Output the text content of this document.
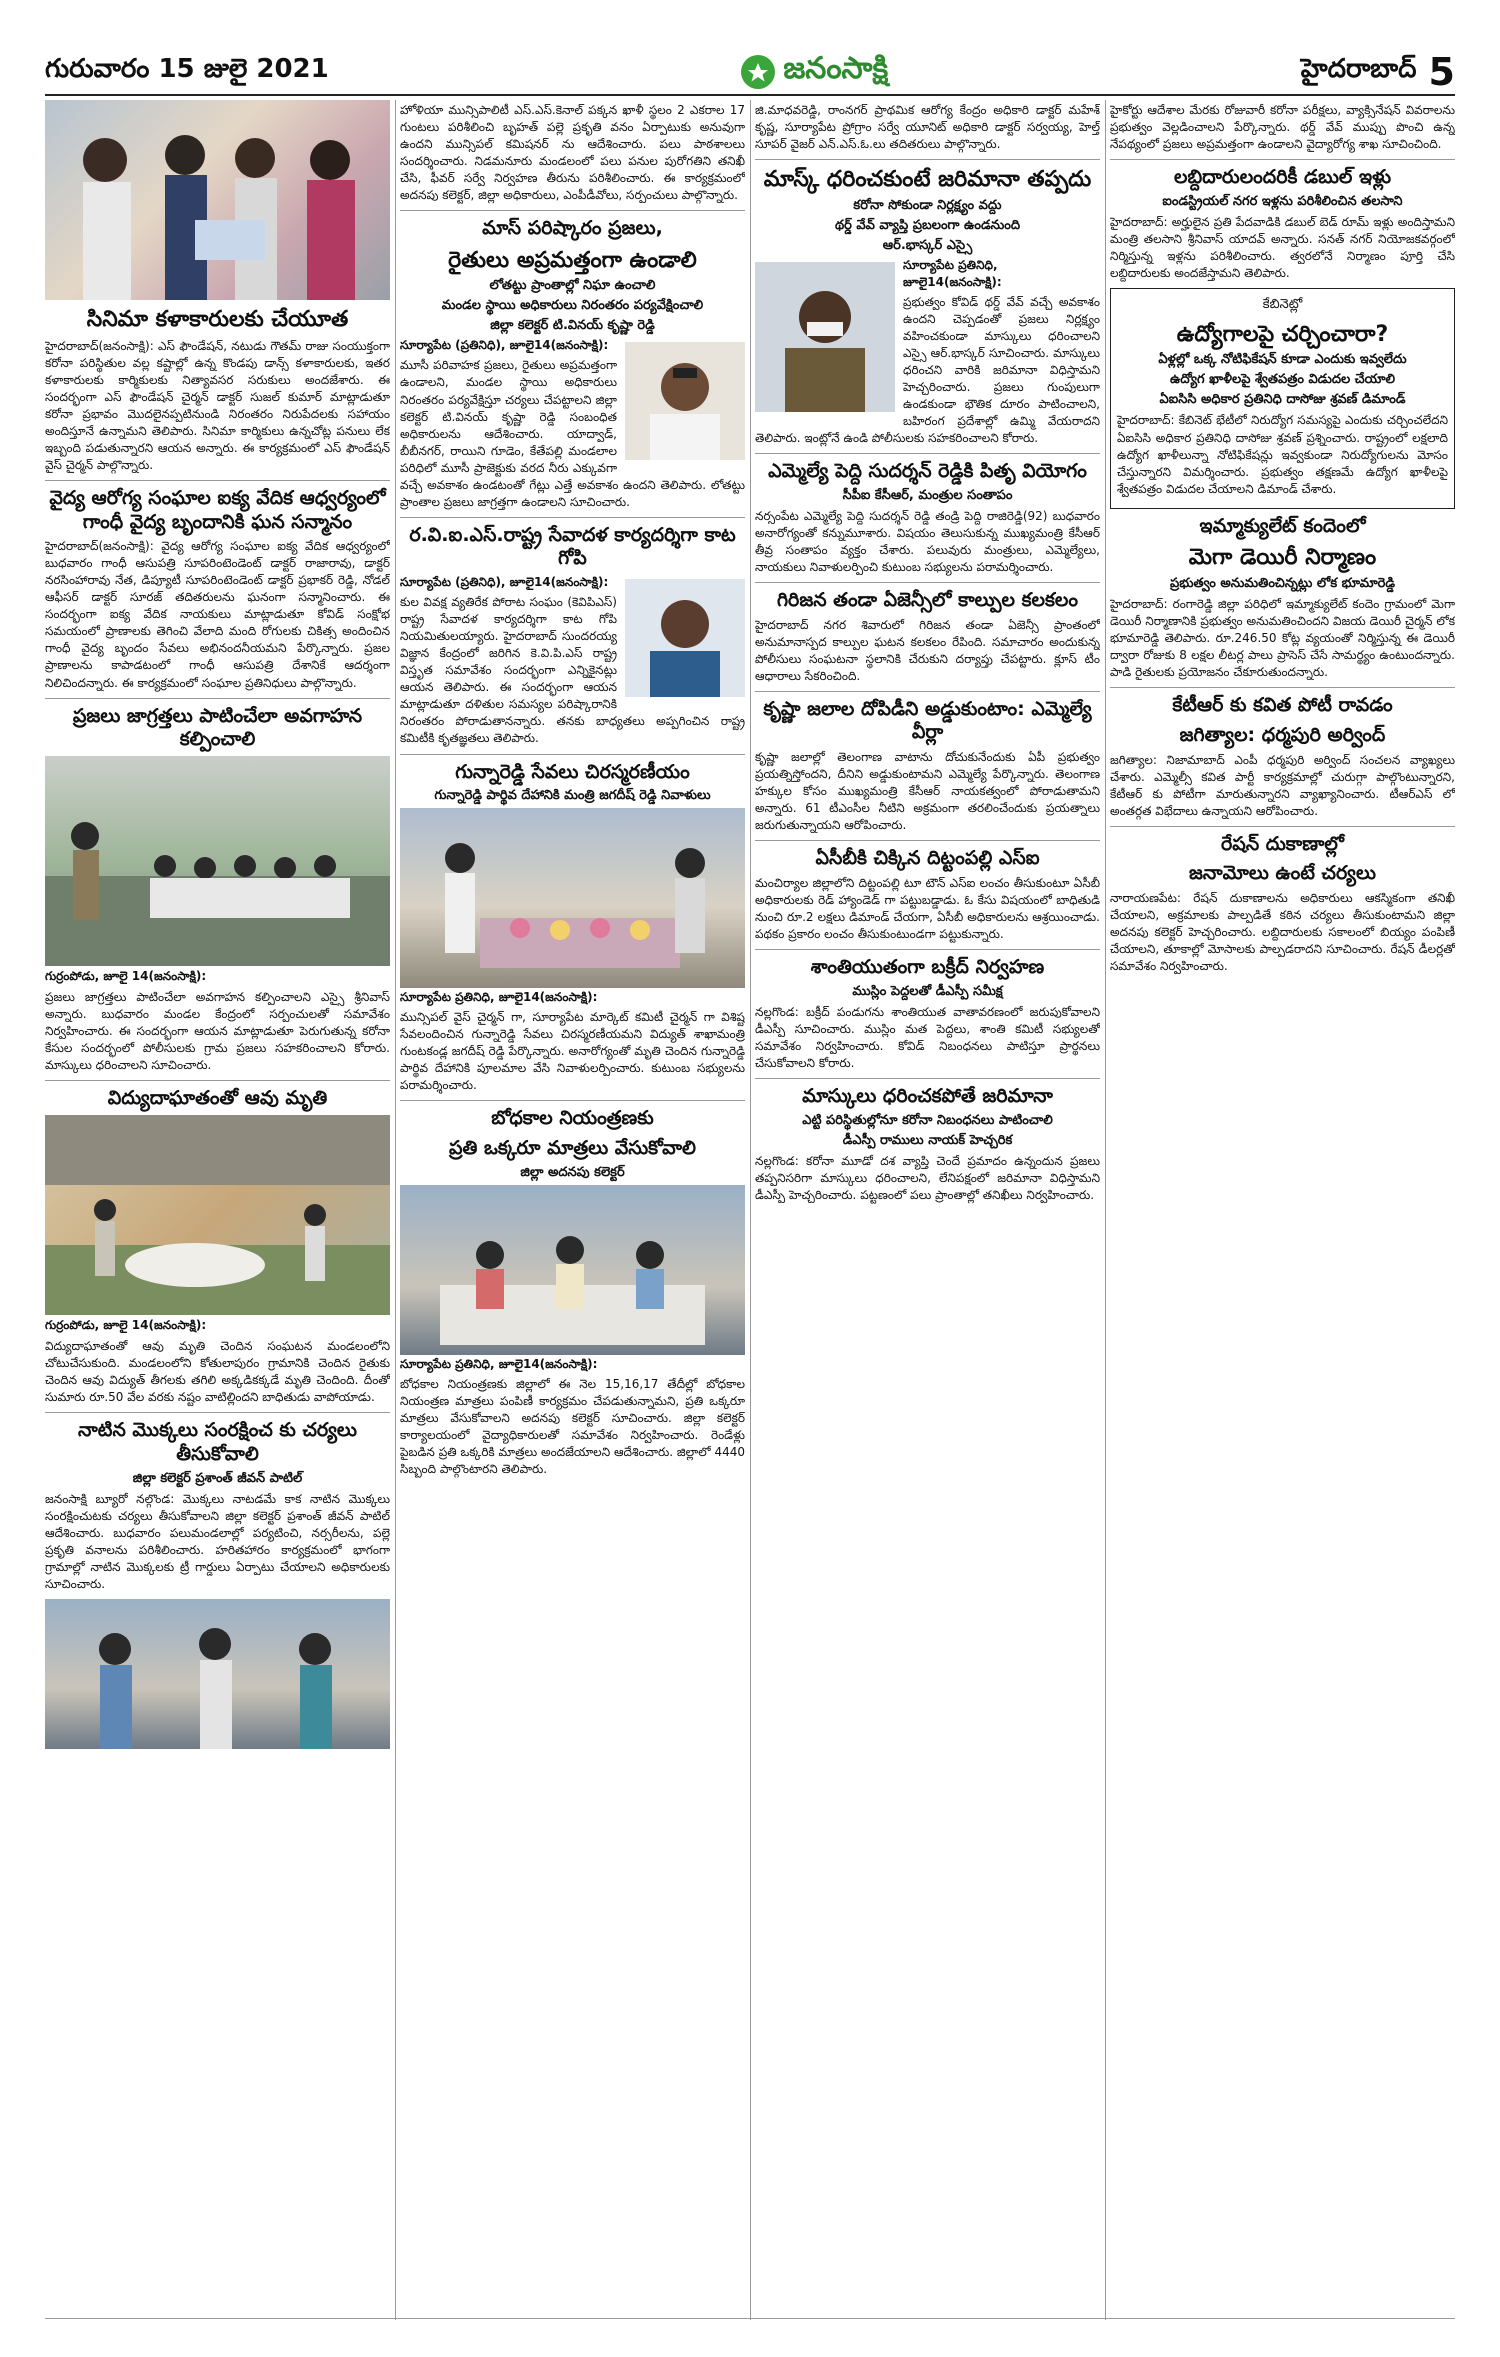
గురువారం 15 జులై 2021	జనంసాక్షి	హైదరాబాద్ 5
సినిమా కళాకారులకు చేయూత
హైదరాబాద్(జనంసాక్షి): ఎస్ ఫౌండేషన్, నటుడు గౌతమ్ రాజు సంయుక్తంగా కరోనా పరిస్థితుల వల్ల కష్టాల్లో ఉన్న కొండపు డాన్స్ కళాకారులకు, ఇతర కళాకారులకు కార్మికులకు నిత్యావసర సరుకులు అందజేశారు. ఈ సందర్భంగా ఎస్ ఫౌండేషన్ చైర్మన్ డాక్టర్ సుజల్ కుమార్ మాట్లాడుతూ కరోనా ప్రభావం మొదలైనప్పటినుండి నిరంతరం నిరుపేదలకు సహాయం అందిస్తూనే ఉన్నామని తెలిపారు. సినిమా కార్మికులు ఉన్నచోట్ల పనులు లేక ఇబ్బంది పడుతున్నారని ఆయన అన్నారు. ఈ కార్యక్రమంలో ఎస్ ఫౌండేషన్ వైస్ చైర్మన్ పాల్గొన్నారు.
వైద్య ఆరోగ్య సంఘాల ఐక్య వేదిక ఆధ్వర్యంలో గాంధీ వైద్య బృందానికి ఘన సన్మానం
హైదరాబాద్(జనంసాక్షి): వైద్య ఆరోగ్య సంఘాల ఐక్య వేదిక ఆధ్వర్యంలో బుధవారం గాంధీ ఆసుపత్రి సూపరింటెండెంట్ డాక్టర్ రాజారావు, డాక్టర్ నరసింహారావు నేత, డిప్యూటీ సూపరింటెండెంట్ డాక్టర్ ప్రభాకర్ రెడ్డి, నోడల్ ఆఫీసర్ డాక్టర్ సూరజ్ తదితరులను ఘనంగా సన్మానించారు. ఈ సందర్భంగా ఐక్య వేదిక నాయకులు మాట్లాడుతూ కోవిడ్ సంక్షోభ సమయంలో ప్రాణాలకు తెగించి వేలాది మంది రోగులకు చికిత్స అందించిన గాంధీ వైద్య బృందం సేవలు అభినందనీయమని పేర్కొన్నారు. ప్రజల ప్రాణాలను కాపాడటంలో గాంధీ ఆసుపత్రి దేశానికే ఆదర్శంగా నిలిచిందన్నారు. ఈ కార్యక్రమంలో సంఘాల ప్రతినిధులు పాల్గొన్నారు.
ప్రజలు జాగ్రత్తలు పాటించేలా అవగాహన కల్పించాలి
గుర్రంపోడు, జూలై 14(జనంసాక్షి):
ప్రజలు జాగ్రత్తలు పాటించేలా అవగాహన కల్పించాలని ఎస్సై శ్రీనివాస్ అన్నారు. బుధవారం మండల కేంద్రంలో సర్పంచులతో సమావేశం నిర్వహించారు. ఈ సందర్భంగా ఆయన మాట్లాడుతూ పెరుగుతున్న కరోనా కేసుల సందర్భంలో పోలీసులకు గ్రామ ప్రజలు సహకరించాలని కోరారు. మాస్కులు ధరించాలని సూచించారు.
విద్యుదాఘాతంతో ఆవు మృతి
గుర్రంపోడు, జూలై 14(జనంసాక్షి):
విద్యుదాఘాతంతో ఆవు మృతి చెందిన సంఘటన మండలంలోని చోటుచేసుకుంది. మండలంలోని కోతులాపురం గ్రామానికి చెందిన రైతుకు చెందిన ఆవు విద్యుత్ తీగలకు తగిలి అక్కడికక్కడే మృతి చెందింది. దీంతో సుమారు రూ.50 వేల వరకు నష్టం వాటిల్లిందని బాధితుడు వాపోయాడు.
నాటిన మొక్కలు సంరక్షించ కు చర్యలు తీసుకోవాలి
జిల్లా కలెక్టర్ ప్రశాంత్ జీవన్ పాటిల్
జనంసాక్షి బ్యూరో నల్గొండ: మొక్కలు నాటడమే కాక నాటిన మొక్కలు సంరక్షించుటకు చర్యలు తీసుకోవాలని జిల్లా కలెక్టర్ ప్రశాంత్ జీవన్ పాటిల్ ఆదేశించారు. బుధవారం పలుమండలాల్లో పర్యటించి, నర్సరీలను, పల్లె ప్రకృతి వనాలను పరిశీలించారు. హరితహారం కార్యక్రమంలో భాగంగా గ్రామాల్లో నాటిన మొక్కలకు ట్రీ గార్డులు ఏర్పాటు చేయాలని అధికారులకు సూచించారు.
హోళియా మున్సిపాలిటీ ఎస్.ఎస్.కెనాల్ పక్కన ఖాళీ స్థలం 2 ఎకరాల 17 గుంటలు పరిశీలించి బృహత్ పల్లె ప్రకృతి వనం ఏర్పాటుకు అనువుగా ఉందని మున్సిపల్ కమిషనర్ ను ఆదేశించారు. పలు పాఠశాలలు సందర్శించారు. నిడమనూరు మండలంలో పలు పనుల పురోగతిని తనిఖీ చేసి, ఫీవర్ సర్వే నిర్వహణ తీరును పరిశీలించారు. ఈ కార్యక్రమంలో అదనపు కలెక్టర్, జిల్లా అధికారులు, ఎంపీడీవోలు, సర్పంచులు పాల్గొన్నారు.
మాస్ పరిష్కారం ప్రజలు,
రైతులు అప్రమత్తంగా ఉండాలి
లోతట్టు ప్రాంతాల్లో నిఘా ఉంచాలి
మండల స్థాయి అధికారులు నిరంతరం పర్యవేక్షించాలి
జిల్లా కలెక్టర్ టి.వినయ్ కృష్ణా రెడ్డి
సూర్యాపేట (ప్రతినిధి), జూలై14(జనంసాక్షి):
మూసీ పరివాహక ప్రజలు, రైతులు అప్రమత్తంగా ఉండాలని, మండల స్థాయి అధికారులు నిరంతరం పర్యవేక్షిస్తూ చర్యలు చేపట్టాలని జిల్లా కలెక్టర్ టి.వినయ్ కృష్ణా రెడ్డి సంబంధిత అధికారులను ఆదేశించారు. యాద్వాడ్, బీబీనగర్, రాయిని గూడెం, కేతేపల్లి మండలాల పరిధిలో మూసీ ప్రాజెక్టుకు వరద నీరు ఎక్కువగా వచ్చే అవకాశం ఉండటంతో గేట్లు ఎత్తే అవకాశం ఉందని తెలిపారు. లోతట్టు ప్రాంతాల ప్రజలు జాగ్రత్తగా ఉండాలని సూచించారు.
ర.వి.ఐ.ఎస్.రాష్ట్ర సేవాదళ కార్యదర్శిగా కాట గోపి
సూర్యాపేట (ప్రతినిధి), జూలై14(జనంసాక్షి):
కుల వివక్ష వ్యతిరేక పోరాట సంఘం (కెవిపిఎస్) రాష్ట్ర సేవాదళ కార్యదర్శిగా కాట గోపి నియమితులయ్యారు. హైదరాబాద్ సుందరయ్య విజ్ఞాన కేంద్రంలో జరిగిన కె.వి.పి.ఎస్ రాష్ట్ర విస్తృత సమావేశం సందర్భంగా ఎన్నికైనట్లు ఆయన తెలిపారు. ఈ సందర్భంగా ఆయన మాట్లాడుతూ దళితుల సమస్యల పరిష్కారానికి నిరంతరం పోరాడుతానన్నారు. తనకు బాధ్యతలు అప్పగించిన రాష్ట్ర కమిటీకి కృతజ్ఞతలు తెలిపారు.
గున్నారెడ్డి సేవలు చిరస్మరణీయం
గున్నారెడ్డి పార్థివ దేహానికి మంత్రి జగదీష్ రెడ్డి నివాళులు
సూర్యాపేట ప్రతినిధి, జూలై14(జనంసాక్షి):
మున్సిపల్ వైస్ చైర్మన్ గా, సూర్యాపేట మార్కెట్ కమిటీ చైర్మన్ గా విశిష్ట సేవలందించిన గున్నారెడ్డి సేవలు చిరస్మరణీయమని విద్యుత్ శాఖామంత్రి గుంటకండ్ల జగదీష్ రెడ్డి పేర్కొన్నారు. అనారోగ్యంతో మృతి చెందిన గున్నారెడ్డి పార్థివ దేహానికి పూలమాల వేసి నివాళులర్పించారు. కుటుంబ సభ్యులను పరామర్శించారు.
బోధకాల నియంత్రణకు
ప్రతి ఒక్కరూ మాత్రలు వేసుకోవాలి
జిల్లా అదనపు కలెక్టర్
సూర్యాపేట ప్రతినిధి, జూలై14(జనంసాక్షి):
బోధకాల నియంత్రణకు జిల్లాలో ఈ నెల 15,16,17 తేదీల్లో బోధకాల నియంత్రణ మాత్రలు పంపిణీ కార్యక్రమం చేపడుతున్నామని, ప్రతి ఒక్కరూ మాత్రలు వేసుకోవాలని అదనపు కలెక్టర్ సూచించారు. జిల్లా కలెక్టర్ కార్యాలయంలో వైద్యాధికారులతో సమావేశం నిర్వహించారు. రెండేళ్లు పైబడిన ప్రతి ఒక్కరికి మాత్రలు అందజేయాలని ఆదేశించారు. జిల్లాలో 4440 సిబ్బంది పాల్గొంటారని తెలిపారు.
జి.మాధవరెడ్డి, రాంనగర్ ప్రాథమిక ఆరోగ్య కేంద్రం అధికారి డాక్టర్ మహేశ్ కృష్ణ, సూర్యాపేట ప్రోగ్రాం సర్వే యూనిట్ అధికారి డాక్టర్ సర్వయ్య, హెల్త్ సూపర్ వైజర్ ఎన్.ఎస్.ఓ.లు తదితరులు పాల్గొన్నారు.
మాస్క్ ధరించకుంటే జరిమానా తప్పదు
కరోనా సోకుండా నిర్లక్ష్యం వద్దు
థర్డ్ వేవ్ వ్యాప్తి ప్రబలంగా ఉండనుంది
ఆర్.భాస్కర్ ఎస్సై
సూర్యాపేట ప్రతినిధి, జూలై14(జనంసాక్షి):
ప్రభుత్వం కోవిడ్ థర్డ్ వేవ్ వచ్చే అవకాశం ఉందని చెప్పడంతో ప్రజలు నిర్లక్ష్యం వహించకుండా మాస్కులు ధరించాలని ఎస్సై ఆర్.భాస్కర్ సూచించారు. మాస్కులు ధరించని వారికి జరిమానా విధిస్తామని హెచ్చరించారు. ప్రజలు గుంపులుగా ఉండకుండా భౌతిక దూరం పాటించాలని, బహిరంగ ప్రదేశాల్లో ఉమ్మి వేయరాదని తెలిపారు. ఇంట్లోనే ఉండి పోలీసులకు సహకరించాలని కోరారు.
ఎమ్మెల్యే పెద్ది సుదర్శన్ రెడ్డికి పితృ వియోగం
సీపీఐ కేసీఆర్, మంత్రుల సంతాపం
నర్సంపేట ఎమ్మెల్యే పెద్ది సుదర్శన్ రెడ్డి తండ్రి పెద్ది రాజిరెడ్డి(92) బుధవారం అనారోగ్యంతో కన్నుమూశారు. విషయం తెలుసుకున్న ముఖ్యమంత్రి కేసీఆర్ తీవ్ర సంతాపం వ్యక్తం చేశారు. పలువురు మంత్రులు, ఎమ్మెల్యేలు, నాయకులు నివాళులర్పించి కుటుంబ సభ్యులను పరామర్శించారు.
గిరిజన తండా ఏజెన్సీలో కాల్పుల కలకలం
హైదరాబాద్ నగర శివారులో గిరిజన తండా ఏజెన్సీ ప్రాంతంలో అనుమానాస్పద కాల్పుల ఘటన కలకలం రేపింది. సమాచారం అందుకున్న పోలీసులు సంఘటనా స్థలానికి చేరుకుని దర్యాప్తు చేపట్టారు. క్లూస్ టీం ఆధారాలు సేకరించింది.
కృష్ణా జలాల దోపిడీని అడ్డుకుంటాం: ఎమ్మెల్యే వీర్లా
కృష్ణా జలాల్లో తెలంగాణ వాటాను దోచుకునేందుకు ఏపీ ప్రభుత్వం ప్రయత్నిస్తోందని, దీనిని అడ్డుకుంటామని ఎమ్మెల్యే పేర్కొన్నారు. తెలంగాణ హక్కుల కోసం ముఖ్యమంత్రి కేసీఆర్ నాయకత్వంలో పోరాడుతామని అన్నారు. 61 టీఎంసీల నీటిని అక్రమంగా తరలించేందుకు ప్రయత్నాలు జరుగుతున్నాయని ఆరోపించారు.
ఏసీబీకి చిక్కిన దిట్టంపల్లి ఎస్ఐ
మంచిర్యాల జిల్లాలోని దిట్టంపల్లి టూ టౌన్ ఎస్ఐ లంచం తీసుకుంటూ ఏసీబీ అధికారులకు రెడ్ హ్యాండెడ్ గా పట్టుబడ్డాడు. ఓ కేసు విషయంలో బాధితుడి నుంచి రూ.2 లక్షలు డిమాండ్ చేయగా, ఏసీబీ అధికారులను ఆశ్రయించాడు. పథకం ప్రకారం లంచం తీసుకుంటుండగా పట్టుకున్నారు.
శాంతియుతంగా బక్రీద్ నిర్వహణ
ముస్లిం పెద్దలతో డీఎస్పీ సమీక్ష
నల్లగొండ: బక్రీద్ పండుగను శాంతియుత వాతావరణంలో జరుపుకోవాలని డీఎస్పీ సూచించారు. ముస్లిం మత పెద్దలు, శాంతి కమిటీ సభ్యులతో సమావేశం నిర్వహించారు. కోవిడ్ నిబంధనలు పాటిస్తూ ప్రార్థనలు చేసుకోవాలని కోరారు.
మాస్కులు ధరించకపోతే జరిమానా
ఎట్టి పరిస్థితుల్లోనూ కరోనా నిబంధనలు పాటించాలి
డీఎస్పీ రాములు నాయక్ హెచ్చరిక
నల్లగొండ: కరోనా మూడో దశ వ్యాప్తి చెందే ప్రమాదం ఉన్నందున ప్రజలు తప్పనిసరిగా మాస్కులు ధరించాలని, లేనిపక్షంలో జరిమానా విధిస్తామని డీఎస్పీ హెచ్చరించారు. పట్టణంలో పలు ప్రాంతాల్లో తనిఖీలు నిర్వహించారు.
హైకోర్టు ఆదేశాల మేరకు రోజువారీ కరోనా పరీక్షలు, వ్యాక్సినేషన్ వివరాలను ప్రభుత్వం వెల్లడించాలని పేర్కొన్నారు. థర్డ్ వేవ్ ముప్పు పొంచి ఉన్న నేపథ్యంలో ప్రజలు అప్రమత్తంగా ఉండాలని వైద్యారోగ్య శాఖ సూచించింది.
లబ్దిదారులందరికీ డబుల్ ఇళ్లు
ఐండస్ట్రియల్ నగర ఇళ్లను పరిశీలించిన తలసాని
హైదరాబాద్: అర్హులైన ప్రతి పేదవాడికి డబుల్ బెడ్ రూమ్ ఇళ్లు అందిస్తామని మంత్రి తలసాని శ్రీనివాస్ యాదవ్ అన్నారు. సనత్ నగర్ నియోజకవర్గంలో నిర్మిస్తున్న ఇళ్లను పరిశీలించారు. త్వరలోనే నిర్మాణం పూర్తి చేసి లబ్దిదారులకు అందజేస్తామని తెలిపారు.
కేబినెట్లో
ఉద్యోగాలపై చర్చించారా?
ఏళ్లల్లో ఒక్క నోటిఫికేషన్ కూడా ఎందుకు ఇవ్వలేదు
ఉద్యోగ ఖాళీలపై శ్వేతపత్రం విడుదల చేయాలి
ఏఐసిసి అధికార ప్రతినిధి దాసోజు శ్రవణ్ డిమాండ్
హైదరాబాద్: కేబినెట్ భేటీలో నిరుద్యోగ సమస్యపై ఎందుకు చర్చించలేదని ఏఐసిసి అధికార ప్రతినిధి దాసోజు శ్రవణ్ ప్రశ్నించారు. రాష్ట్రంలో లక్షలాది ఉద్యోగ ఖాళీలున్నా నోటిఫికేషన్లు ఇవ్వకుండా నిరుద్యోగులను మోసం చేస్తున్నారని విమర్శించారు. ప్రభుత్వం తక్షణమే ఉద్యోగ ఖాళీలపై శ్వేతపత్రం విడుదల చేయాలని డిమాండ్ చేశారు.
ఇమ్మాక్యులేట్ కందెంలో
మెగా డెయిరీ నిర్మాణం
ప్రభుత్వం అనుమతించిన్నట్లు లోక భూమారెడ్డి
హైదరాబాద్: రంగారెడ్డి జిల్లా పరిధిలో ఇమ్మాక్యులేట్ కందెం గ్రామంలో మెగా డెయిరీ నిర్మాణానికి ప్రభుత్వం అనుమతించిందని విజయ డెయిరీ చైర్మన్ లోక భూమారెడ్డి తెలిపారు. రూ.246.50 కోట్ల వ్యయంతో నిర్మిస్తున్న ఈ డెయిరీ ద్వారా రోజుకు 8 లక్షల లీటర్ల పాలు ప్రాసెస్ చేసే సామర్థ్యం ఉంటుందన్నారు. పాడి రైతులకు ప్రయోజనం చేకూరుతుందన్నారు.
కేటీఆర్ కు కవిత పోటీ రావడం
జగిత్యాల: ధర్మపురి అర్వింద్
జగిత్యాల: నిజామాబాద్ ఎంపీ ధర్మపురి అర్వింద్ సంచలన వ్యాఖ్యలు చేశారు. ఎమ్మెల్సీ కవిత పార్టీ కార్యక్రమాల్లో చురుగ్గా పాల్గొంటున్నారని, కేటీఆర్ కు పోటీగా మారుతున్నారని వ్యాఖ్యానించారు. టీఆర్ఎస్ లో అంతర్గత విభేదాలు ఉన్నాయని ఆరోపించారు.
రేషన్ దుకాణాల్లో
జనామోలు ఉంటే చర్యలు
నారాయణపేట: రేషన్ దుకాణాలను అధికారులు ఆకస్మికంగా తనిఖీ చేయాలని, అక్రమాలకు పాల్పడితే కఠిన చర్యలు తీసుకుంటామని జిల్లా అదనపు కలెక్టర్ హెచ్చరించారు. లబ్దిదారులకు సకాలంలో బియ్యం పంపిణీ చేయాలని, తూకాల్లో మోసాలకు పాల్పడరాదని సూచించారు. రేషన్ డీలర్లతో సమావేశం నిర్వహించారు.
